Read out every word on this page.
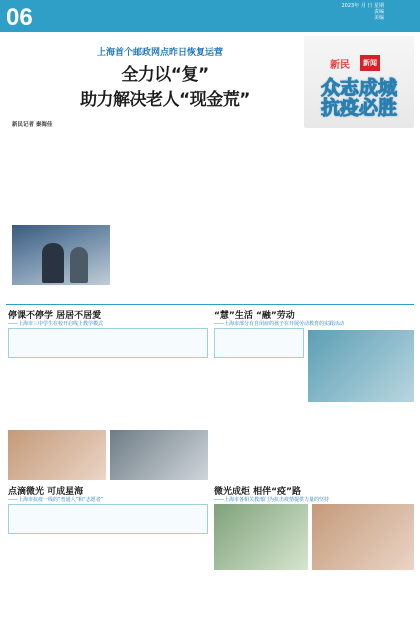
06	2023年 月 日 星期
责编
美编
上海首个邮政网点昨日恢复运营
全力以“复”
助力解决老人“现金荒”
新民	新闻
众志成城
抗疫必胜
新民记者 秦海佳
停课不停学 居居不居愛
——上海市三中学生在校开启线上教学模式
“慧”生活 “融”劳动
——上海市部分有自闭症的孩子在开展劳动教育的实践活动
点滴微光 可成星海
——上海市抗疫一线的“普通人”和“志愿者”
微光成炬 相伴“疫”路
——上海市各相关教部门为抗击疫情提供力量的坚持
